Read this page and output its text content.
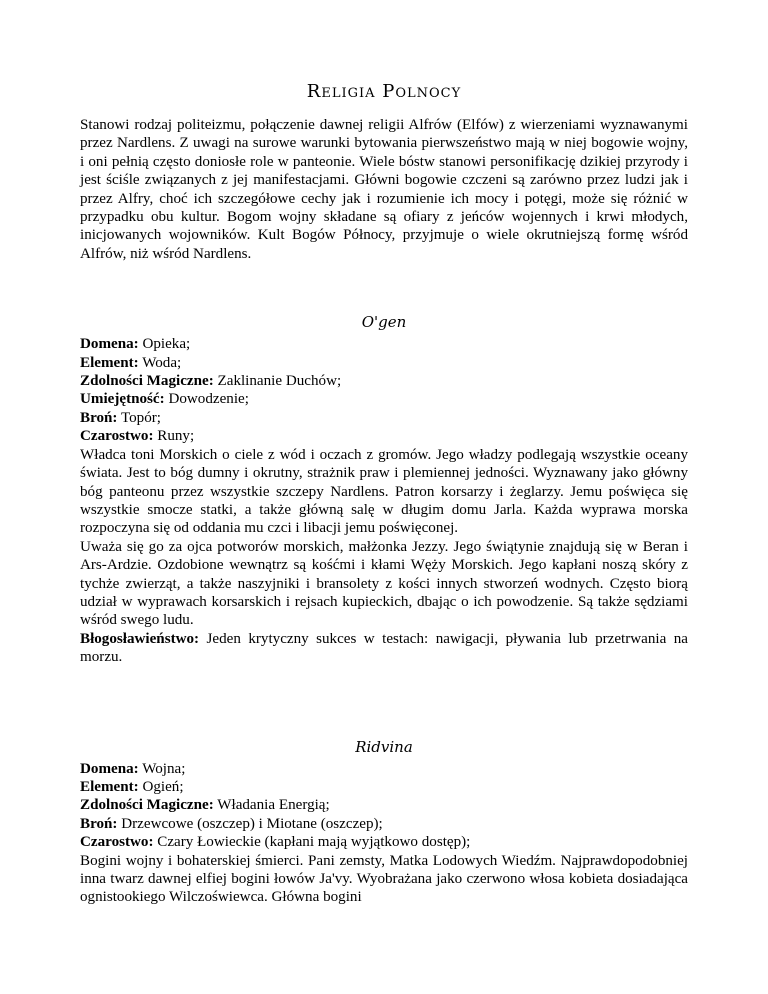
Religia Polnocy

Stanowi rodzaj politeizmu, połączenie dawnej religii Alfrów (Elfów) z wierzeniami wyznawanymi przez Nardlens. Z uwagi na surowe warunki bytowania pierwszeństwo mają w niej bogowie wojny, i oni pełnią często doniosłe role w panteonie. Wiele bóstw stanowi personifikację dzikiej przyrody i jest ściśle związanych z jej manifestacjami. Główni bogowie czczeni są zarówno przez ludzi jak i przez Alfry, choć ich szczegółowe cechy jak i rozumienie ich mocy i potęgi, może się różnić w przypadku obu kultur. Bogom wojny składane są ofiary z jeńców wojennych i krwi młodych, inicjowanych wojowników. Kult Bogów Północy, przyjmuje o wiele okrutniejszą formę wśród Alfrów, niż wśród Nardlens.

O'gen
Domena: Opieka;
Element: Woda;
Zdolności Magiczne: Zaklinanie Duchów;
Umiejętność: Dowodzenie;
Broń: Topór;
Czarostwo: Runy;

Władca toni Morskich o ciele z wód i oczach z gromów. Jego władzy podlegają wszystkie oceany świata. Jest to bóg dumny i okrutny, strażnik praw i plemiennej jedności. Wyznawany jako główny bóg panteonu przez wszystkie szczepy Nardlens. Patron korsarzy i żeglarzy. Jemu poświęca się wszystkie smocze statki, a także główną salę w długim domu Jarla. Każda wyprawa morska rozpoczyna się od oddania mu czci i libacji jemu poświęconej.

Uważa się go za ojca potworów morskich, małżonka Jezzy. Jego świątynie znajdują się w Beran i Ars-Ardzie. Ozdobione wewnątrz są kośćmi i kłami Węży Morskich. Jego kapłani noszą skóry z tychże zwierząt, a także naszyjniki i bransolety z kości innych stworzeń wodnych. Często biorą udział w wyprawach korsarskich i rejsach kupieckich, dbając o ich powodzenie. Są także sędziami wśród swego ludu.

Błogosławieństwo: Jeden krytyczny sukces w testach: nawigacji, pływania lub przetrwania na morzu.

Ridvina
Domena: Wojna;
Element: Ogień;
Zdolności Magiczne: Władania Energią;
Broń: Drzewcowe (oszczep) i Miotane (oszczep);
Czarostwo: Czary Łowieckie (kapłani mają wyjątkowo dostęp);

Bogini wojny i bohaterskiej śmierci. Pani zemsty, Matka Lodowych Wiedźm. Najprawdopodobniej inna twarz dawnej elfiej bogini łowów Ja'vy. Wyobrażana jako czerwono włosa kobieta dosiadająca ognistookiego Wilczoświewca. Główna bogini
